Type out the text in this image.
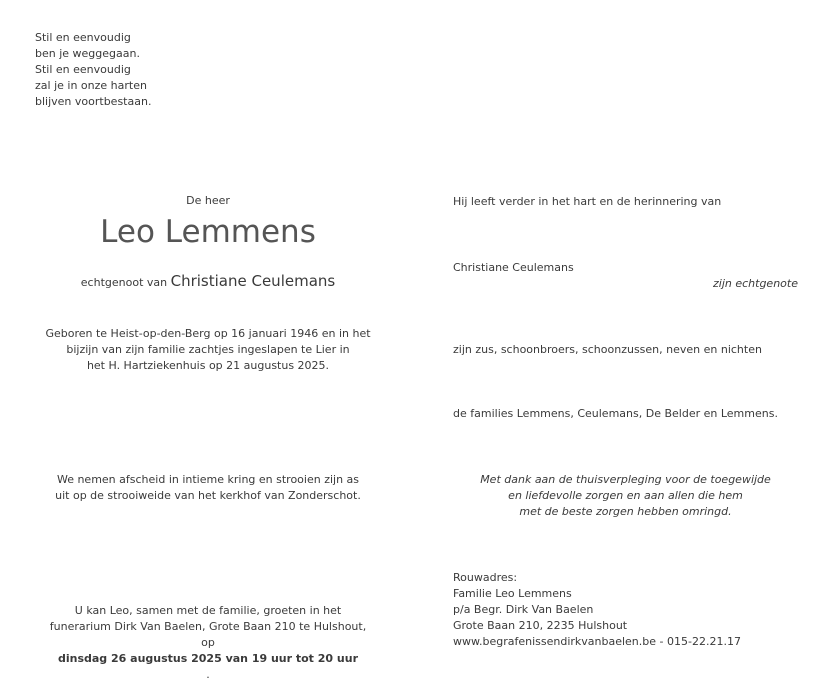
Stil en eenvoudig
ben je weggegaan.
Stil en eenvoudig
zal je in onze harten
blijven voortbestaan.
De heer
Leo Lemmens
echtgenoot van Christiane Ceulemans
Geboren te Heist-op-den-Berg op 16 januari 1946 en in het
bijzijn van zijn familie zachtjes ingeslapen te Lier in
het H. Hartziekenhuis op 21 augustus 2025.
We nemen afscheid in intieme kring en strooien zijn as
uit op de strooiweide van het kerkhof van Zonderschot.
U kan Leo, samen met de familie, groeten in het
funerarium Dirk Van Baelen, Grote Baan 210 te Hulshout,
op
dinsdag 26 augustus 2025 van 19 uur tot 20 uur
.
Hij leeft verder in het hart en de herinnering van
Christiane Ceulemans
zijn echtgenote
zijn zus, schoonbroers, schoonzussen, neven en nichten
de families Lemmens, Ceulemans, De Belder en Lemmens.
Met dank aan de thuisverpleging voor de toegewijde
en liefdevolle zorgen en aan allen die hem
met de beste zorgen hebben omringd.
Rouwadres:
Familie Leo Lemmens
p/a Begr. Dirk Van Baelen
Grote Baan 210, 2235 Hulshout
www.begrafenissendirkvanbaelen.be - 015-22.21.17
